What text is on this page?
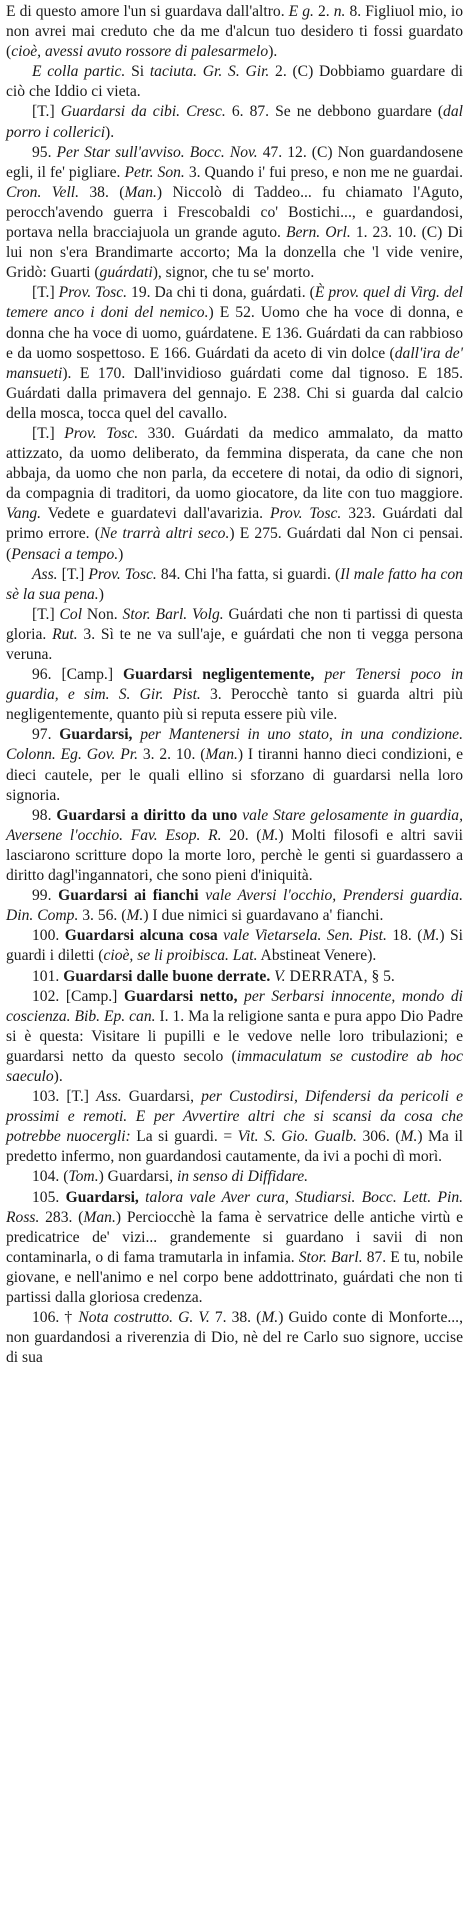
E di questo amore l'un si guardava dall'altro. E g. 2. n. 8. Figliuol mio, io non avrei mai creduto che da me d'alcun tuo desidero ti fossi guardato (cioè, avessi avuto rossore di palesarmelo).

E colla partic. Si taciuta. Gr. S. Gir. 2. (C) Dobbiamo guardare di ciò che Iddio ci vieta.

[T.] Guardarsi da cibi. Cresc. 6. 87. Se ne debbono guardare (dal porro i collerici).

95. Per Star sull'avviso. Bocc. Nov. 47. 12. (C) Non guardandosene egli, il fe' pigliare. Petr. Son. 3. Quando i' fui preso, e non me ne guardai. Cron. Vell. 38. (Man.) Niccolò di Taddeo... fu chiamato l'Aguto, perocch'avendo guerra i Frescobaldi co' Bostichi..., e guardandosi, portava nella bracciajuola un grande aguto. Bern. Orl. 1. 23. 10. (C) Di lui non s'era Brandimarte accorto; Ma la donzella che 'l vide venire, Gridò: Guarti (guárdati), signor, che tu se' morto.

[T.] Prov. Tosc. 19. Da chi ti dona, guárdati. (È prov. quel di Virg. del temere anco i doni del nemico.) E 52. Uomo che ha voce di donna, e donna che ha voce di uomo, guárdatene. E 136. Guárdati da can rabbioso e da uomo sospettoso. E 166. Guárdati da aceto di vin dolce (dall'ira de' mansueti). E 170. Dall'invidioso guárdati come dal tignoso. E 185. Guárdati dalla primavera del gennajo. E 238. Chi si guarda dal calcio della mosca, tocca quel del cavallo.

[T.] Prov. Tosc. 330. Guárdati da medico ammalato, da matto attizzato, da uomo deliberato, da femmina disperata, da cane che non abbaja, da uomo che non parla, da eccetere di notai, da odio di signori, da compagnia di traditori, da uomo giocatore, da lite con tuo maggiore. Vang. Vedete e guardatevi dall'avarizia. Prov. Tosc. 323. Guárdati dal primo errore. (Ne trarrà altri seco.) E 275. Guárdati dal Non ci pensai. (Pensaci a tempo.)

Ass. [T.] Prov. Tosc. 84. Chi l'ha fatta, si guardi. (Il male fatto ha con sè la sua pena.)

[T.] Col Non. Stor. Barl. Volg. Guárdati che non ti partissi di questa gloria. Rut. 3. Sì te ne va sull'aje, e guárdati che non ti vegga persona veruna.

96. [Camp.] Guardarsi negligentemente, per Tenersi poco in guardia, e sim. S. Gir. Pist. 3. Perocchè tanto si guarda altri più negligentemente, quanto più si reputa essere più vile.

97. Guardarsi, per Mantenersi in uno stato, in una condizione. Colonn. Eg. Gov. Pr. 3. 2. 10. (Man.) I tiranni hanno dieci condizioni, e dieci cautele, per le quali ellino si sforzano di guardarsi nella loro signoria.

98. Guardarsi a diritto da uno vale Stare gelosamente in guardia, Aversene l'occhio. Fav. Esop. R. 20. (M.) Molti filosofi e altri savii lasciarono scritture dopo la morte loro, perchè le genti si guardassero a diritto dagl'ingannatori, che sono pieni d'iniquità.

99. Guardarsi ai fianchi vale Aversi l'occhio, Prendersi guardia. Din. Comp. 3. 56. (M.) I due nimici si guardavano a' fianchi.

100. Guardarsi alcuna cosa vale Vietarsela. Sen. Pist. 18. (M.) Si guardi i diletti (cioè, se li proibisca. Lat. Abstineat Venere).

101. Guardarsi dalle buone derrate. V. DERRATA, § 5.

102. [Camp.] Guardarsi netto, per Serbarsi innocente, mondo di coscienza. Bib. Ep. can. I. 1. Ma la religione santa e pura appo Dio Padre si è questa: Visitare li pupilli e le vedove nelle loro tribulazioni; e guardarsi netto da questo secolo (immaculatum se custodire ab hoc saeculo).

103. [T.] Ass. Guardarsi, per Custodirsi, Difendersi da pericoli e prossimi e remoti. E per Avvertire altri che si scansi da cosa che potrebbe nuocergli: La si guardi. = Vit. S. Gio. Gualb. 306. (M.) Ma il predetto infermo, non guardandosi cautamente, da ivi a pochi dì morì.

104. (Tom.) Guardarsi, in senso di Diffidare.

105. Guardarsi, talora vale Aver cura, Studiarsi. Bocc. Lett. Pin. Ross. 283. (Man.) Perciocchè la fama è servatrice delle antiche virtù e predicatrice de' vizi... grandemente si guardano i savii di non contaminarla, o di fama tramutarla in infamia. Stor. Barl. 87. E tu, nobile giovane, e nell'animo e nel corpo bene addottrinato, guárdati che non ti partissi dalla gloriosa credenza.

106. † Nota costrutto. G. V. 7. 38. (M.) Guido conte di Monforte..., non guardandosi a riverenzia di Dio, nè del re Carlo suo signore, uccise di sua
